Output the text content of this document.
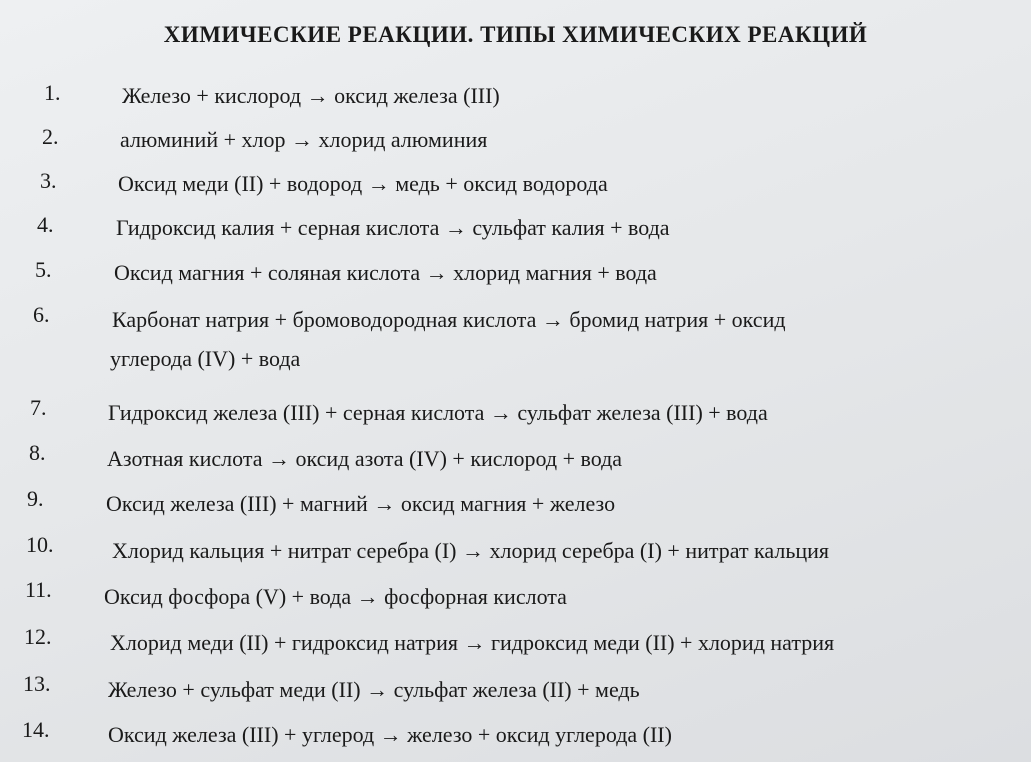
ХИМИЧЕСКИЕ РЕАКЦИИ. ТИПЫ ХИМИЧЕСКИХ РЕАКЦИЙ
1.	Железо + кислород → оксид железа (III)
2.	алюминий + хлор → хлорид алюминия
3.	Оксид меди (II) + водород → медь + оксид водорода
4.	Гидроксид калия + серная кислота → сульфат калия + вода
5.	Оксид магния + соляная кислота → хлорид магния + вода
6.	Карбонат натрия + бромоводородная кислота → бромид натрия + оксид
углерода (IV) + вода
7.	Гидроксид железа (III) + серная кислота → сульфат железа (III) + вода
8.	Азотная кислота → оксид азота (IV) + кислород + вода
9.	Оксид железа (III) + магний → оксид магния + железо
10.	Хлорид кальция + нитрат серебра (I) → хлорид серебра (I) + нитрат кальция
11. Оксид фосфора (V) + вода → фосфорная кислота
12.	Хлорид меди (II) + гидроксид натрия → гидроксид меди (II) + хлорид натрия
13.	Железо + сульфат меди (II) → сульфат железа (II) + медь
14.	Оксид железа (III) + углерод → железо + оксид углерода (II)
